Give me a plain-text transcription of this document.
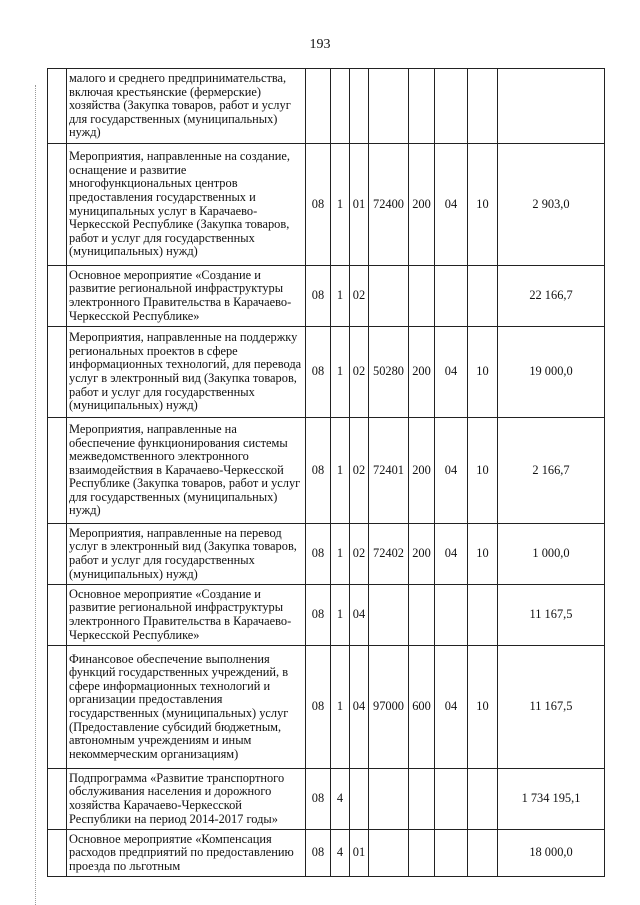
193
	малого и среднего предпринимательства, включая крестьянские (фермерские) хозяйства (Закупка товаров, работ и услуг для государственных (муниципальных) нужд)								
	Мероприятия, направленные на создание, оснащение и развитие многофункциональных центров предоставления государственных и муниципальных услуг в Карачаево-Черкесской Республике (Закупка товаров, работ и услуг для государственных (муниципальных) нужд)	08	1	01	72400	200	04	10	2 903,0
	Основное мероприятие «Создание и развитие региональной инфраструктуры электронного Правительства в Карачаево-Черкесской Республике»	08	1	02					22 166,7
	Мероприятия, направленные на поддержку региональных проектов в сфере информационных технологий, для перевода услуг в электронный вид (Закупка товаров, работ и услуг для государственных (муниципальных) нужд)	08	1	02	50280	200	04	10	19 000,0
	Мероприятия, направленные на обеспечение функционирования системы межведомственного электронного взаимодействия в Карачаево-Черкесской Республике (Закупка товаров, работ и услуг для государственных (муниципальных) нужд)	08	1	02	72401	200	04	10	2 166,7
	Мероприятия, направленные на перевод услуг в электронный вид (Закупка товаров, работ и услуг для государственных (муниципальных) нужд)	08	1	02	72402	200	04	10	1 000,0
	Основное мероприятие «Создание и развитие региональной инфраструктуры электронного Правительства в Карачаево-Черкесской Республике»	08	1	04					11 167,5
	Финансовое обеспечение выполнения функций государственных учреждений, в сфере информационных технологий и организации предоставления государственных (муниципальных) услуг (Предоставление субсидий бюджетным, автономным учреждениям и иным некоммерческим организациям)	08	1	04	97000	600	04	10	11 167,5
	Подпрограмма «Развитие транспортного обслуживания населения и дорожного хозяйства Карачаево-Черкесской Республики на период 2014-2017 годы»	08	4						1 734 195,1
	Основное мероприятие «Компенсация расходов предприятий по предоставлению проезда по льготным	08	4	01					18 000,0
